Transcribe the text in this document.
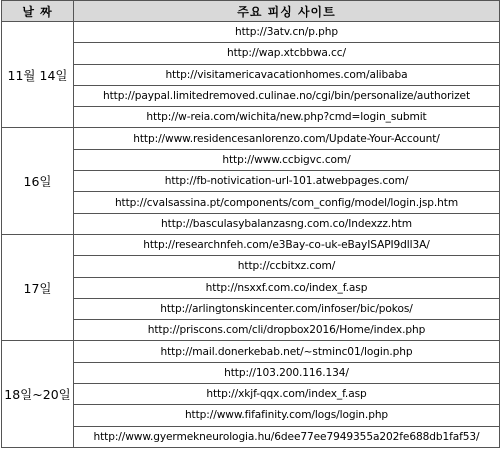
날 짜	주요 피싱 사이트
11월 14일	http://3atv.cn/p.php
	http://wap.xtcbbwa.cc/
	http://visitamericavacationhomes.com/alibaba
	http://paypal.limitedremoved.culinae.no/cgi/bin/personalize/authorizet
	http://w-reia.com/wichita/new.php?cmd=login_submit
16일	http://www.residencesanlorenzo.com/Update-Your-Account/
	http://www.ccbigvc.com/
	http://fb-notivication-url-101.atwebpages.com/
	http://cvalsassina.pt/components/com_config/model/login.jsp.htm
	http://basculasybalanzasng.com.co/Indexzz.htm
17일	http://researchnfeh.com/e3Bay-co-uk-eBayISAPI9dll3A/
	http://ccbitxz.com/
	http://nsxxf.com.co/index_f.asp
	http://arlingtonskincenter.com/infoser/bic/pokos/
	http://priscons.com/cli/dropbox2016/Home/index.php
18일~20일	http://mail.donerkebab.net/~stminc01/login.php
	http://103.200.116.134/
	http://xkjf-qqx.com/index_f.asp
	http://www.fifafinity.com/logs/login.php
	http://www.gyermekneurologia.hu/6dee77ee7949355a202fe688db1faf53/
